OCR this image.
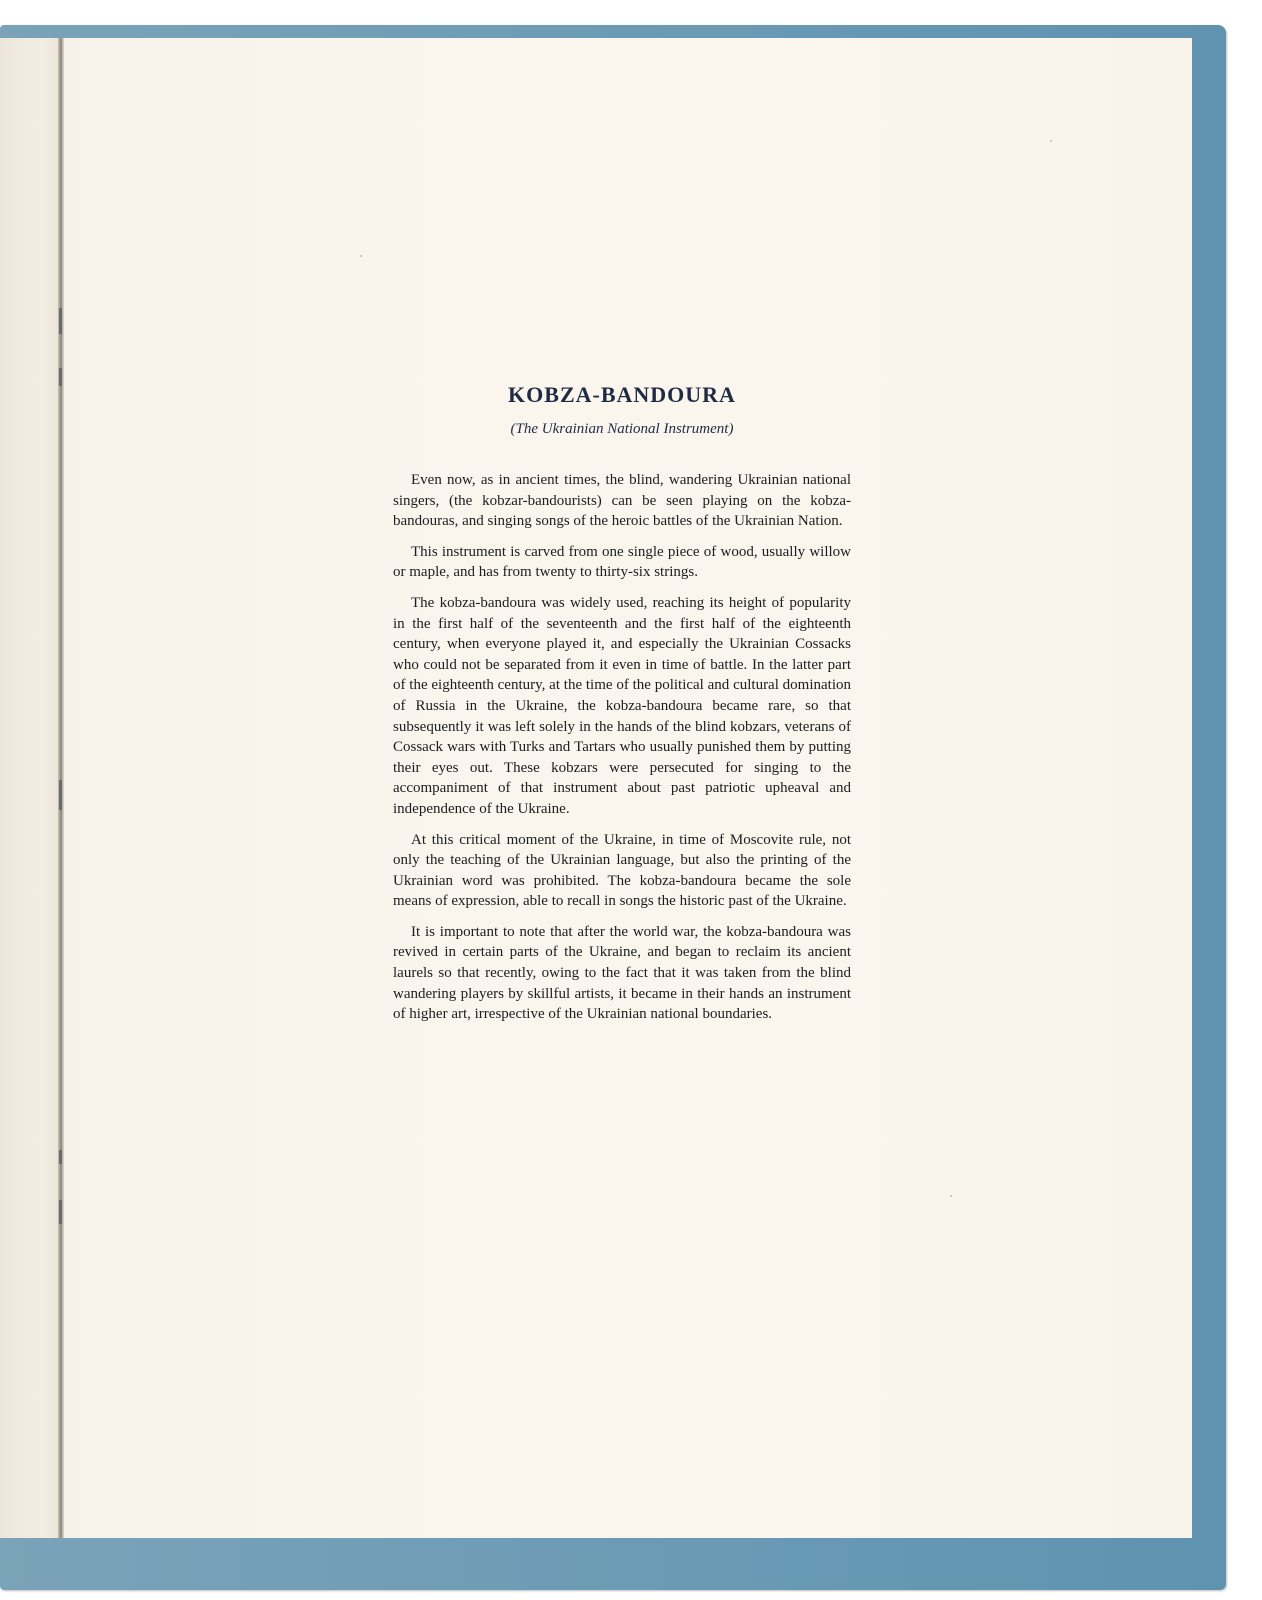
KOBZA-BANDOURA
(The Ukrainian National Instrument)

Even now, as in ancient times, the blind, wandering Ukrainian national singers, (the kobzar-bandourists) can be seen playing on the kobza-bandouras, and singing songs of the heroic battles of the Ukrainian Nation.

This instrument is carved from one single piece of wood, usually willow or maple, and has from twenty to thirty-six strings.

The kobza-bandoura was widely used, reaching its height of popularity in the first half of the seventeenth and the first half of the eighteenth century, when everyone played it, and especially the Ukrainian Cossacks who could not be separated from it even in time of battle. In the latter part of the eighteenth century, at the time of the political and cultural domination of Russia in the Ukraine, the kobza-bandoura became rare, so that subsequently it was left solely in the hands of the blind kobzars, veterans of Cossack wars with Turks and Tartars who usually punished them by putting their eyes out. These kobzars were persecuted for singing to the accompaniment of that instrument about past patriotic upheaval and independence of the Ukraine.

At this critical moment of the Ukraine, in time of Moscovite rule, not only the teaching of the Ukrainian language, but also the printing of the Ukrainian word was prohibited. The kobza-bandoura became the sole means of expression, able to recall in songs the historic past of the Ukraine.

It is important to note that after the world war, the kobza-bandoura was revived in certain parts of the Ukraine, and began to reclaim its ancient laurels so that recently, owing to the fact that it was taken from the blind wandering players by skillful artists, it became in their hands an instrument of higher art, irrespective of the Ukrainian national boundaries.
